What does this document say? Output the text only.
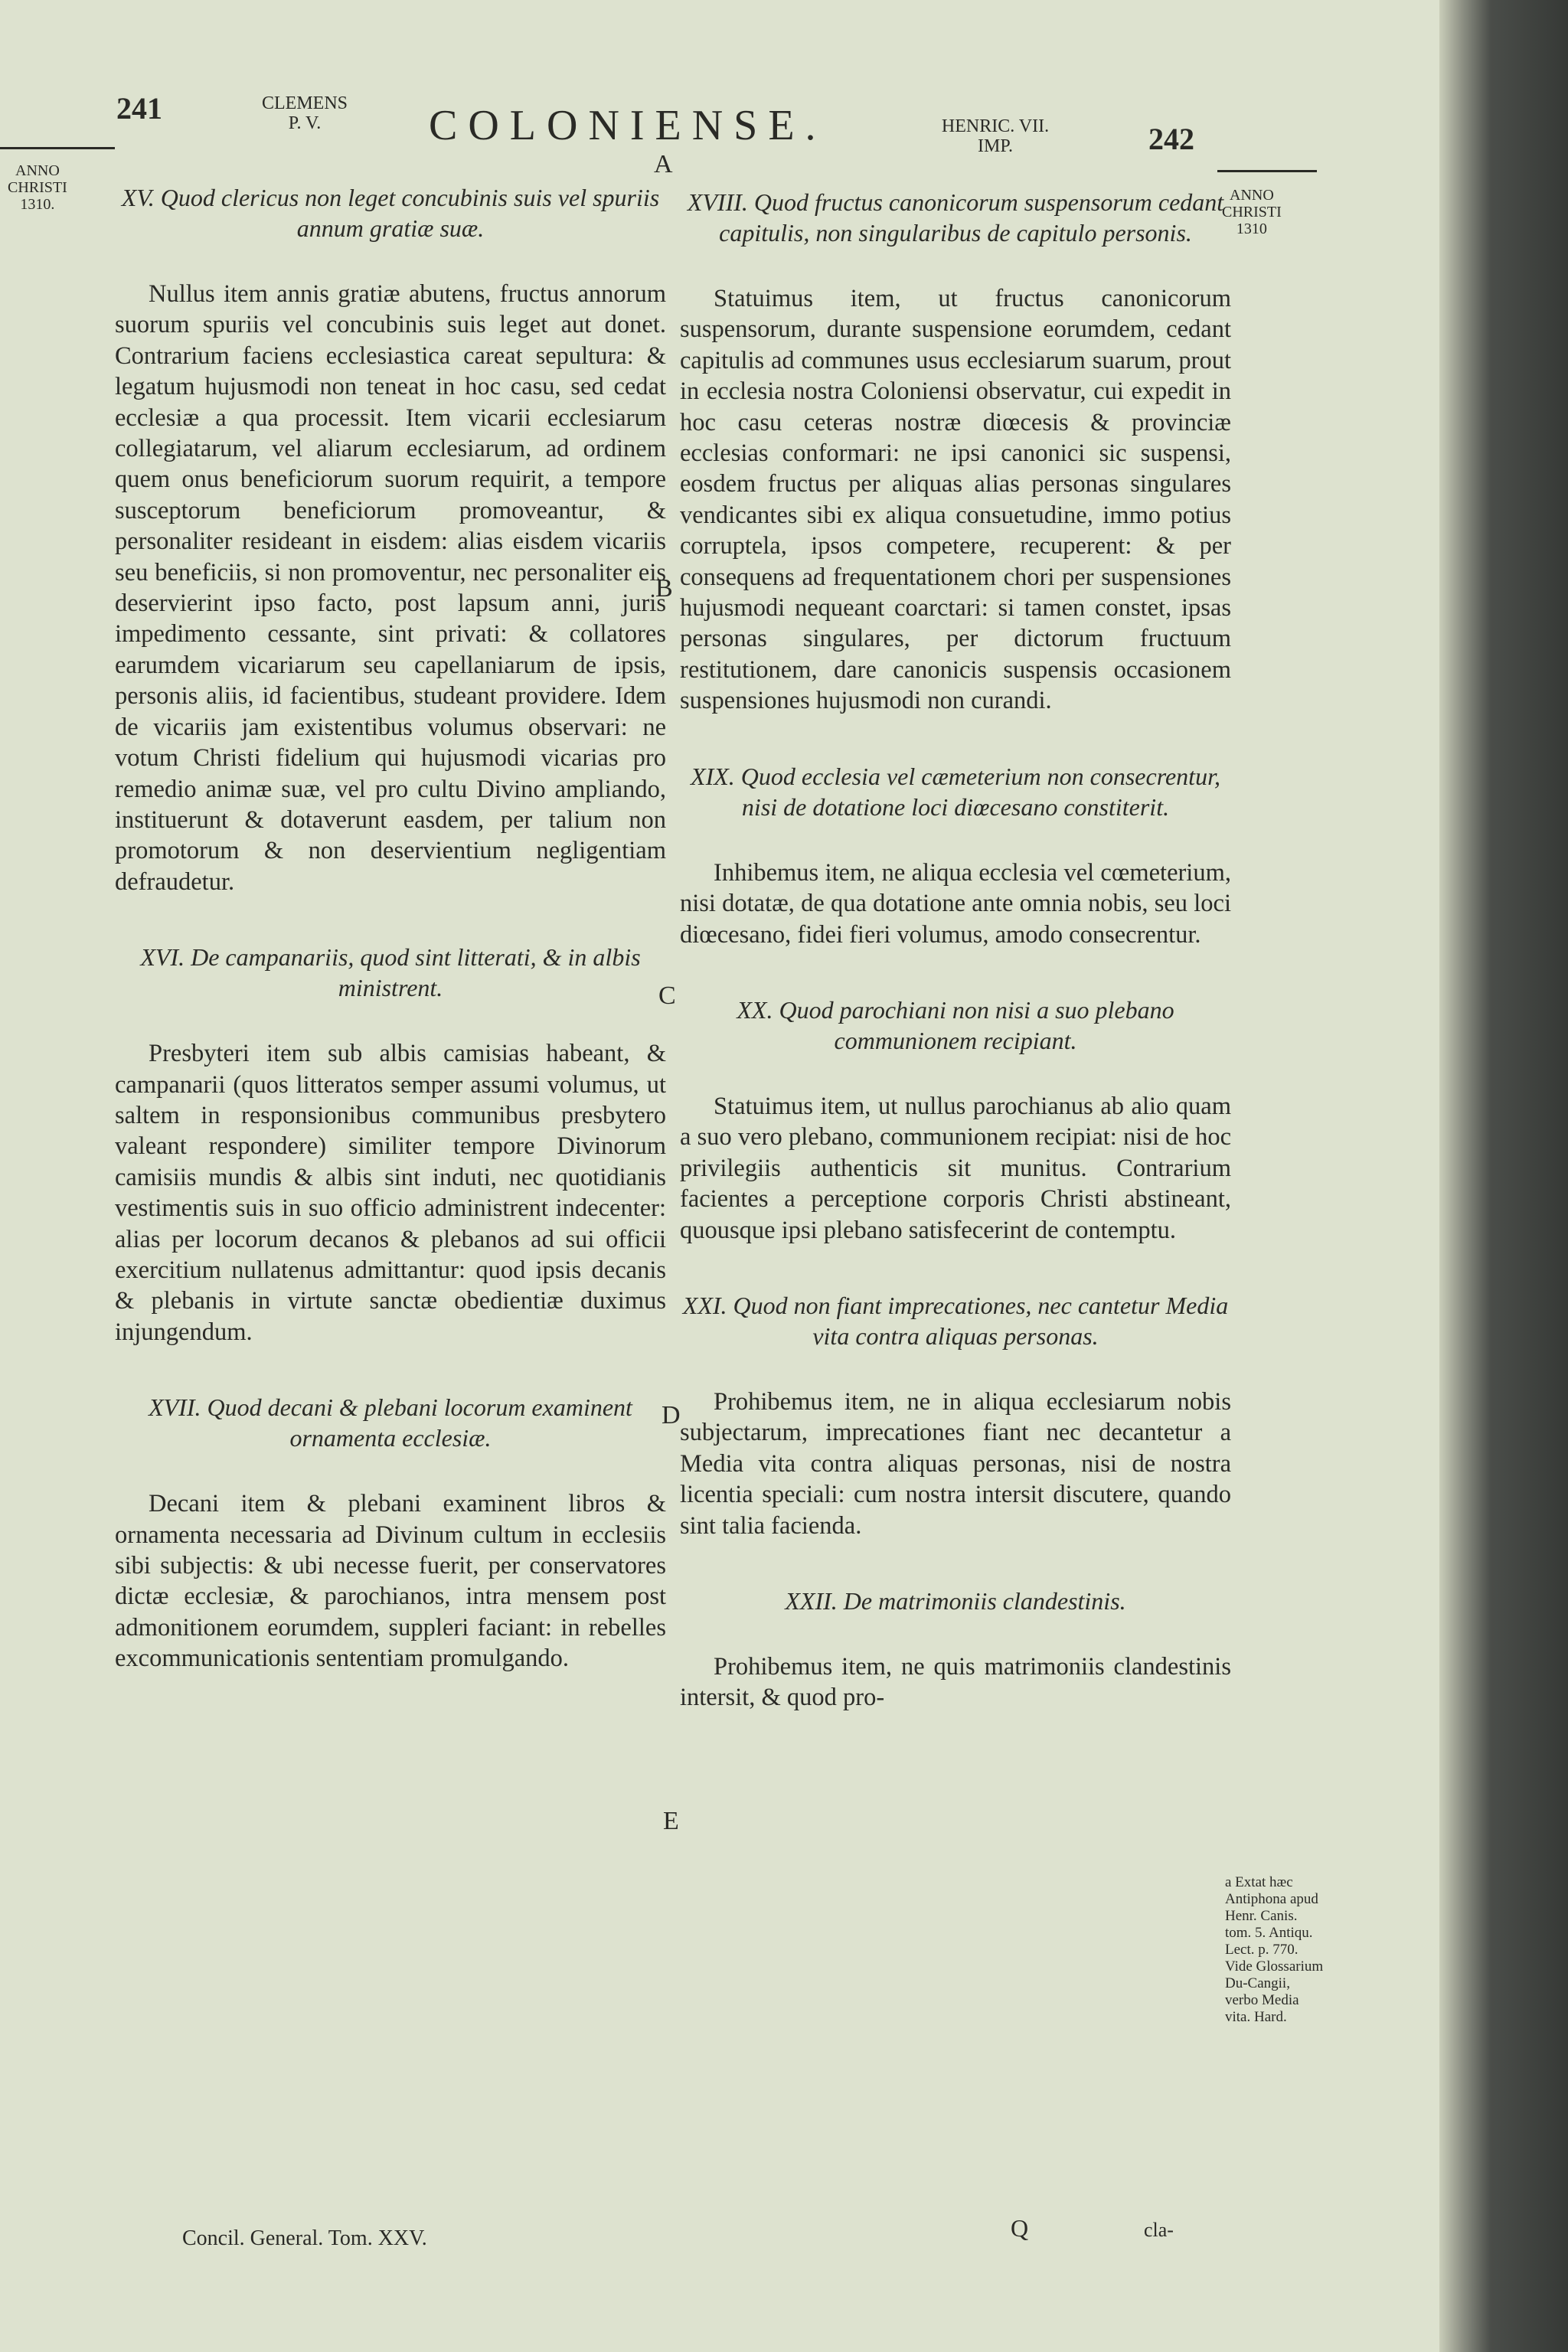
241	CLEMENS
P. V.	COLONIENSE.	HENRIC. VII.
IMP.	242
ANNO
CHRISTI
1310.
ANNO
CHRISTI
1310
A
B
C
D
E
XV. Quod clericus non leget concubinis suis vel spuriis annum gratiæ suæ.
Nullus item annis gratiæ abutens, fructus annorum suorum spuriis vel concubinis suis leget aut donet. Contrarium faciens ecclesiastica careat sepultura: & legatum hujusmodi non teneat in hoc casu, sed cedat ecclesiæ a qua processit. Item vicarii ecclesiarum collegiatarum, vel aliarum ecclesiarum, ad ordinem quem onus beneficiorum suorum requirit, a tempore susceptorum beneficiorum promoveantur, & personaliter resideant in eisdem: alias eisdem vicariis seu beneficiis, si non promoventur, nec personaliter eis deservierint ipso facto, post lapsum anni, juris impedimento cessante, sint privati: & collatores earumdem vicariarum seu capellaniarum de ipsis, personis aliis, id facientibus, studeant providere. Idem de vicariis jam existentibus volumus observari: ne votum Christi fidelium qui hujusmodi vicarias pro remedio animæ suæ, vel pro cultu Divino ampliando, instituerunt & dotaverunt easdem, per talium non promotorum & non deservientium negligentiam defraudetur.
XVI. De campanariis, quod sint litterati, & in albis ministrent.
Presbyteri item sub albis camisias habeant, & campanarii (quos litteratos semper assumi volumus, ut saltem in responsionibus communibus presbytero valeant respondere) similiter tempore Divinorum camisiis mundis & albis sint induti, nec quotidianis vestimentis suis in suo officio administrent indecenter: alias per locorum decanos & plebanos ad sui officii exercitium nullatenus admittantur: quod ipsis decanis & plebanis in virtute sanctæ obedientiæ duximus injungendum.
XVII. Quod decani & plebani locorum examinent ornamenta ecclesiæ.
Decani item & plebani examinent libros & ornamenta necessaria ad Divinum cultum in ecclesiis sibi subjectis: & ubi necesse fuerit, per conservatores dictæ ecclesiæ, & parochianos, intra mensem post admonitionem eorumdem, suppleri faciant: in rebelles excommunicationis sententiam promulgando.
XVIII. Quod fructus canonicorum suspensorum cedant capitulis, non singularibus de capitulo personis.
Statuimus item, ut fructus canonicorum suspensorum, durante suspensione eorumdem, cedant capitulis ad communes usus ecclesiarum suarum, prout in ecclesia nostra Coloniensi observatur, cui expedit in hoc casu ceteras nostræ diœcesis & provinciæ ecclesias conformari: ne ipsi canonici sic suspensi, eosdem fructus per aliquas alias personas singulares vendicantes sibi ex aliqua consuetudine, immo potius corruptela, ipsos competere, recuperent: & per consequens ad frequentationem chori per suspensiones hujusmodi nequeant coarctari: si tamen constet, ipsas personas singulares, per dictorum fructuum restitutionem, dare canonicis suspensis occasionem suspensiones hujusmodi non curandi.
XIX. Quod ecclesia vel cæmeterium non consecrentur, nisi de dotatione loci diœcesano constiterit.
Inhibemus item, ne aliqua ecclesia vel cœmeterium, nisi dotatæ, de qua dotatione ante omnia nobis, seu loci diœcesano, fidei fieri volumus, amodo consecrentur.
XX. Quod parochiani non nisi a suo plebano communionem recipiant.
Statuimus item, ut nullus parochianus ab alio quam a suo vero plebano, communionem recipiat: nisi de hoc privilegiis authenticis sit munitus. Contrarium facientes a perceptione corporis Christi abstineant, quousque ipsi plebano satisfecerint de contemptu.
XXI. Quod non fiant imprecationes, nec cantetur Media vita contra aliquas personas.
Prohibemus item, ne in aliqua ecclesiarum nobis subjectarum, imprecationes fiant nec decantetur a Media vita contra aliquas personas, nisi de nostra licentia speciali: cum nostra intersit discutere, quando sint talia facienda.
XXII. De matrimoniis clandestinis.
Prohibemus item, ne quis matrimoniis clandestinis intersit, & quod pro-
a Extat hæc Antiphona apud Henr. Canis. tom. 5. Antiqu. Lect. p. 770. Vide Glossarium Du-Cangii, verbo Media vita. Hard.
Concil. General. Tom. XXV.	Q	cla-
